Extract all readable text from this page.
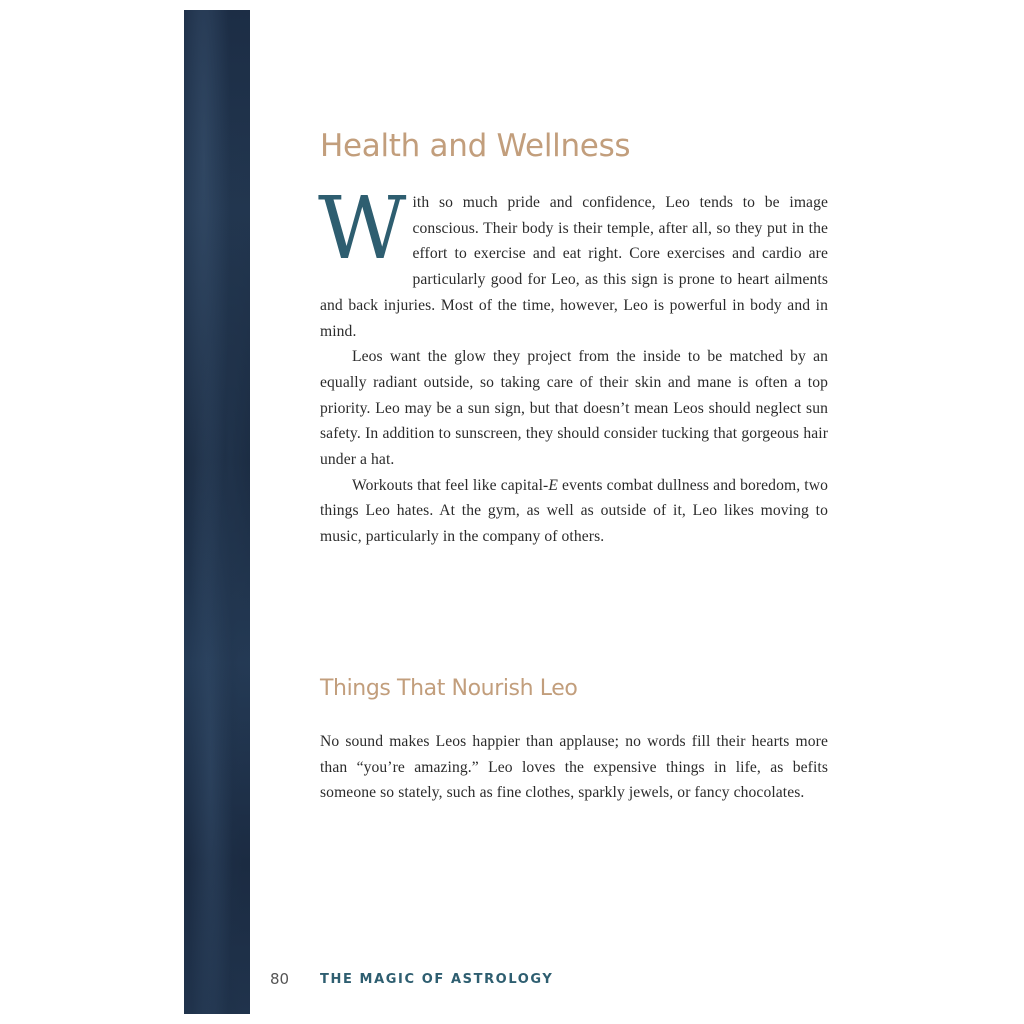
Health and Wellness

With so much pride and confidence, Leo tends to be image conscious. Their body is their temple, after all, so they put in the effort to exercise and eat right. Core exercises and cardio are particularly good for Leo, as this sign is prone to heart ailments and back injuries. Most of the time, however, Leo is powerful in body and in mind.

Leos want the glow they project from the inside to be matched by an equally radiant outside, so taking care of their skin and mane is often a top priority. Leo may be a sun sign, but that doesn’t mean Leos should neglect sun safety. In addition to sunscreen, they should consider tucking that gorgeous hair under a hat.

Workouts that feel like capital-E events combat dullness and boredom, two things Leo hates. At the gym, as well as outside of it, Leo likes moving to music, particularly in the company of others.

Things That Nourish Leo

No sound makes Leos happier than applause; no words fill their hearts more than “you’re amazing.” Leo loves the expensive things in life, as befits someone so stately, such as fine clothes, sparkly jewels, or fancy chocolates.

80	THE MAGIC OF ASTROLOGY
